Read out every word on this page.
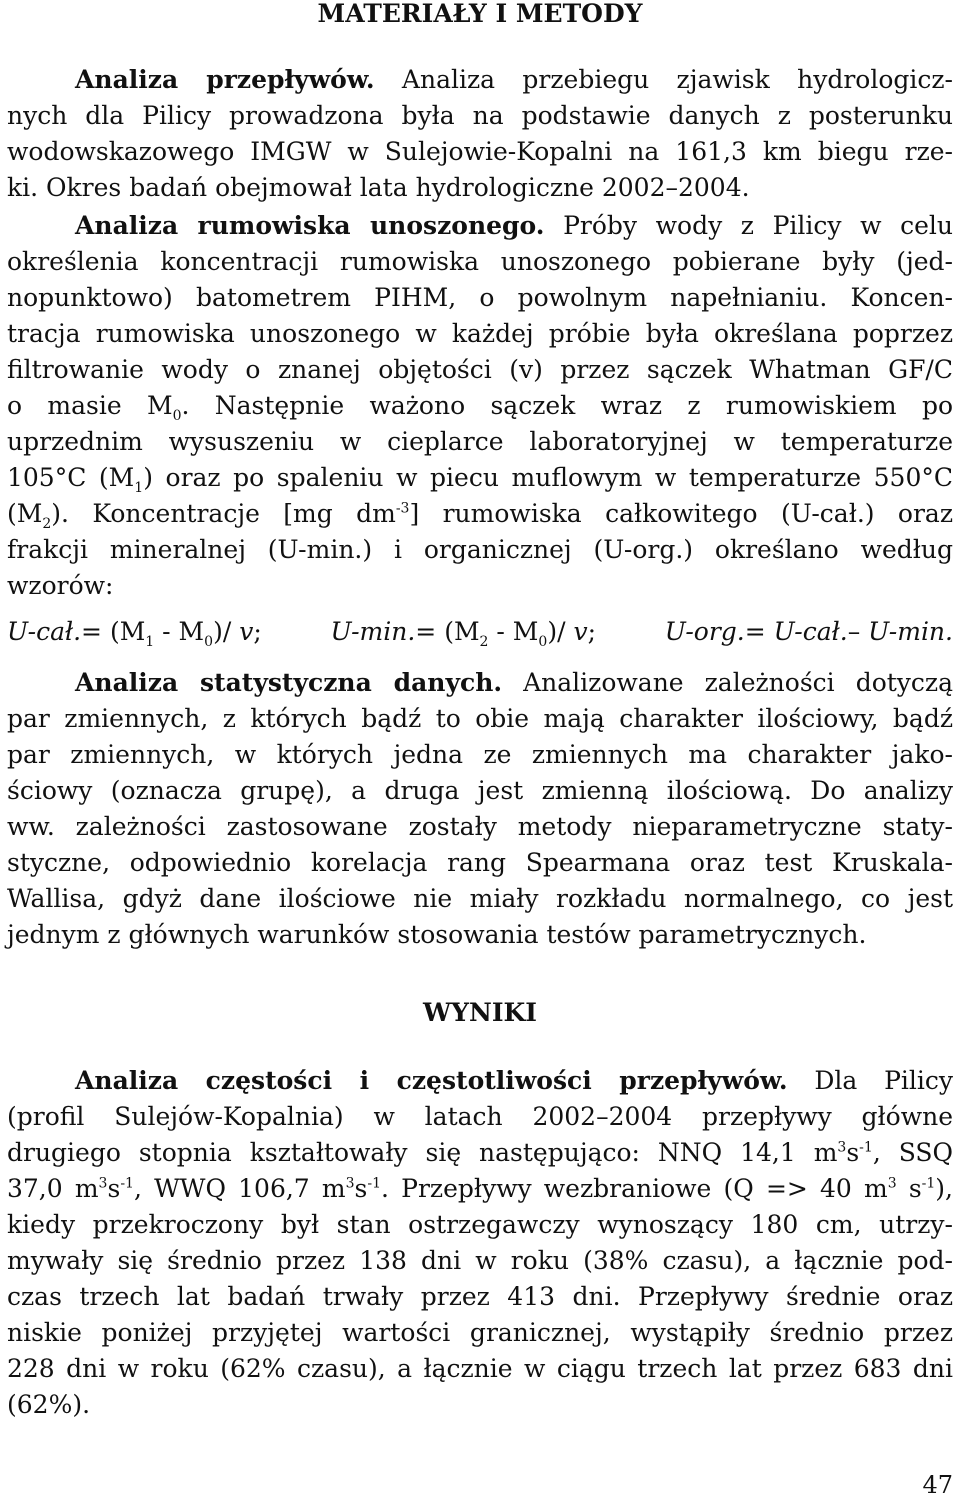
MATERIAŁY I METODY
Analiza przepływów. Analiza przebiegu zjawisk hydrologicz-
nych dla Pilicy prowadzona była na podstawie danych z posterunku
wodowskazowego IMGW w Sulejowie-Kopalni na 161,3 km biegu rze-
ki. Okres badań obejmował lata hydrologiczne 2002–2004.
Analiza rumowiska unoszonego. Próby wody z Pilicy w celu
określenia koncentracji rumowiska unoszonego pobierane były (jed-
nopunktowo) batometrem PIHM, o powolnym napełnianiu. Koncen-
tracja rumowiska unoszonego w każdej próbie była określana poprzez
filtrowanie wody o znanej objętości (v) przez sączek Whatman GF/C
o masie $M_0$. Następnie ważono sączek wraz z rumowiskiem po
uprzednim wysuszeniu w cieplarce laboratoryjnej w temperaturze
105°C $(M_1)$ oraz po spaleniu w piecu muflowym w temperaturze 550°C
$(M_2)$. Koncentracje [mg $dm^{-3}$] rumowiska całkowitego (U-cał.) oraz
frakcji mineralnej (U-min.) i organicznej (U-org.) określano według
wzorów:
U-cał.= $(M_1 - M_0)/$ v;	$U-\min.= (M_2 - M_0)/$ v;	U-org.= U-cał.– U-min.
Analiza statystyczna danych. Analizowane zależności dotyczą
par zmiennych, z których bądź to obie mają charakter ilościowy, bądź
par zmiennych, w których jedna ze zmiennych ma charakter jako-
ściowy (oznacza grupę), a druga jest zmienną ilościową. Do analizy
ww. zależności zastosowane zostały metody nieparametryczne staty-
styczne, odpowiednio korelacja rang Spearmana oraz test Kruskala-
Wallisa, gdyż dane ilościowe nie miały rozkładu normalnego, co jest
jednym z głównych warunków stosowania testów parametrycznych.
WYNIKI
Analiza częstości i częstotliwości przepływów. Dla Pilicy
(profil Sulejów-Kopalnia) w latach 2002–2004 przepływy główne
drugiego stopnia kształtowały się następująco: NNQ 14,1 $m^3s^{-1}$, SSQ
37,0 $m^3s^{-1}$, WWQ 106,7 $m^3s^{-1}$. Przepływy wezbraniowe (Q => 40 $m^3$ $s^{-1}$),
kiedy przekroczony był stan ostrzegawczy wynoszący 180 cm, utrzy-
mywały się średnio przez 138 dni w roku (38% czasu), a łącznie pod-
czas trzech lat badań trwały przez 413 dni. Przepływy średnie oraz
niskie poniżej przyjętej wartości granicznej, wystąpiły średnio przez
228 dni w roku (62% czasu), a łącznie w ciągu trzech lat przez 683 dni
(62%).
47
